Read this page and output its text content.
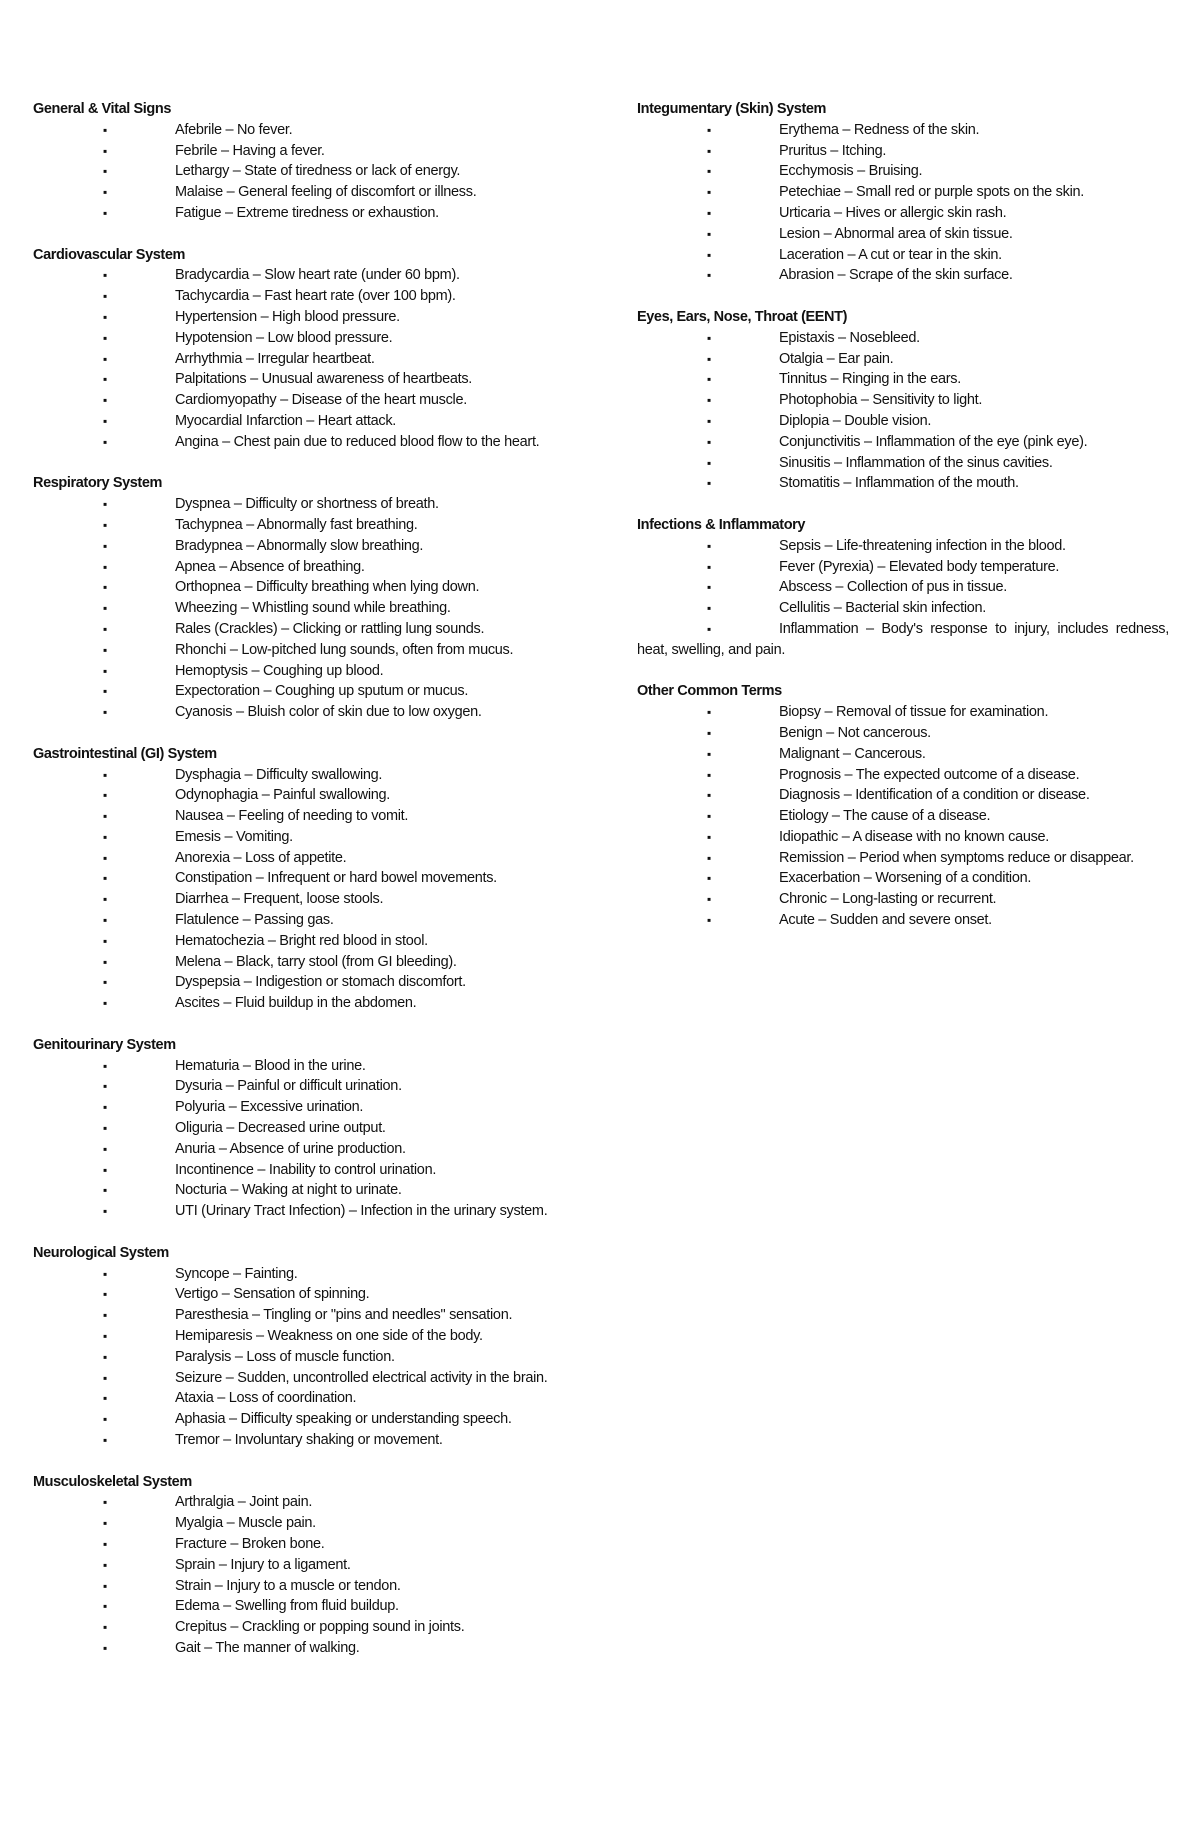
General & Vital Signs
▪	Afebrile – No fever.
▪	Febrile – Having a fever.
▪	Lethargy – State of tiredness or lack of energy.
▪	Malaise – General feeling of discomfort or illness.
▪	Fatigue – Extreme tiredness or exhaustion.
Cardiovascular System
▪	Bradycardia – Slow heart rate (under 60 bpm).
▪	Tachycardia – Fast heart rate (over 100 bpm).
▪	Hypertension – High blood pressure.
▪	Hypotension – Low blood pressure.
▪	Arrhythmia – Irregular heartbeat.
▪	Palpitations – Unusual awareness of heartbeats.
▪	Cardiomyopathy – Disease of the heart muscle.
▪	Myocardial Infarction – Heart attack.
▪	Angina – Chest pain due to reduced blood flow to the heart.
Respiratory System
▪	Dyspnea – Difficulty or shortness of breath.
▪	Tachypnea – Abnormally fast breathing.
▪	Bradypnea – Abnormally slow breathing.
▪	Apnea – Absence of breathing.
▪	Orthopnea – Difficulty breathing when lying down.
▪	Wheezing – Whistling sound while breathing.
▪	Rales (Crackles) – Clicking or rattling lung sounds.
▪	Rhonchi – Low-pitched lung sounds, often from mucus.
▪	Hemoptysis – Coughing up blood.
▪	Expectoration – Coughing up sputum or mucus.
▪	Cyanosis – Bluish color of skin due to low oxygen.
Gastrointestinal (GI) System
▪	Dysphagia – Difficulty swallowing.
▪	Odynophagia – Painful swallowing.
▪	Nausea – Feeling of needing to vomit.
▪	Emesis – Vomiting.
▪	Anorexia – Loss of appetite.
▪	Constipation – Infrequent or hard bowel movements.
▪	Diarrhea – Frequent, loose stools.
▪	Flatulence – Passing gas.
▪	Hematochezia – Bright red blood in stool.
▪	Melena – Black, tarry stool (from GI bleeding).
▪	Dyspepsia – Indigestion or stomach discomfort.
▪	Ascites – Fluid buildup in the abdomen.
Genitourinary System
▪	Hematuria – Blood in the urine.
▪	Dysuria – Painful or difficult urination.
▪	Polyuria – Excessive urination.
▪	Oliguria – Decreased urine output.
▪	Anuria – Absence of urine production.
▪	Incontinence – Inability to control urination.
▪	Nocturia – Waking at night to urinate.
▪	UTI (Urinary Tract Infection) – Infection in the urinary system.
Neurological System
▪	Syncope – Fainting.
▪	Vertigo – Sensation of spinning.
▪	Paresthesia – Tingling or "pins and needles" sensation.
▪	Hemiparesis – Weakness on one side of the body.
▪	Paralysis – Loss of muscle function.
▪	Seizure – Sudden, uncontrolled electrical activity in the brain.
▪	Ataxia – Loss of coordination.
▪	Aphasia – Difficulty speaking or understanding speech.
▪	Tremor – Involuntary shaking or movement.
Musculoskeletal System
▪	Arthralgia – Joint pain.
▪	Myalgia – Muscle pain.
▪	Fracture – Broken bone.
▪	Sprain – Injury to a ligament.
▪	Strain – Injury to a muscle or tendon.
▪	Edema – Swelling from fluid buildup.
▪	Crepitus – Crackling or popping sound in joints.
▪	Gait – The manner of walking.
Integumentary (Skin) System
▪	Erythema – Redness of the skin.
▪	Pruritus – Itching.
▪	Ecchymosis – Bruising.
▪	Petechiae – Small red or purple spots on the skin.
▪	Urticaria – Hives or allergic skin rash.
▪	Lesion – Abnormal area of skin tissue.
▪	Laceration – A cut or tear in the skin.
▪	Abrasion – Scrape of the skin surface.
Eyes, Ears, Nose, Throat (EENT)
▪	Epistaxis – Nosebleed.
▪	Otalgia – Ear pain.
▪	Tinnitus – Ringing in the ears.
▪	Photophobia – Sensitivity to light.
▪	Diplopia – Double vision.
▪	Conjunctivitis – Inflammation of the eye (pink eye).
▪	Sinusitis – Inflammation of the sinus cavities.
▪	Stomatitis – Inflammation of the mouth.
Infections & Inflammatory
▪	Sepsis – Life-threatening infection in the blood.
▪	Fever (Pyrexia) – Elevated body temperature.
▪	Abscess – Collection of pus in tissue.
▪	Cellulitis – Bacterial skin infection.
▪	Inflammation – Body's response to injury, includes redness, heat, swelling, and pain.
Other Common Terms
▪	Biopsy – Removal of tissue for examination.
▪	Benign – Not cancerous.
▪	Malignant – Cancerous.
▪	Prognosis – The expected outcome of a disease.
▪	Diagnosis – Identification of a condition or disease.
▪	Etiology – The cause of a disease.
▪	Idiopathic – A disease with no known cause.
▪	Remission – Period when symptoms reduce or disappear.
▪	Exacerbation – Worsening of a condition.
▪	Chronic – Long-lasting or recurrent.
▪	Acute – Sudden and severe onset.
